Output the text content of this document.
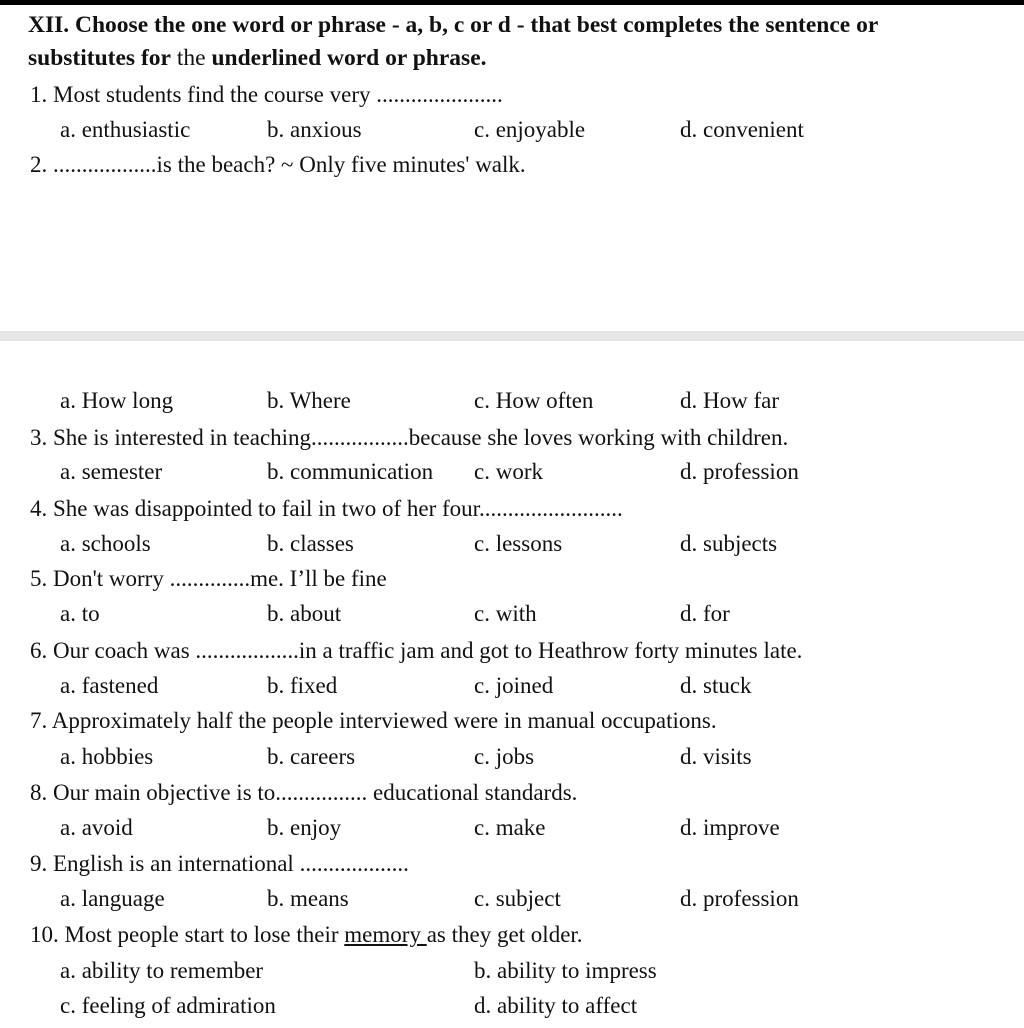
XII. Choose the one word or phrase - a, b, c or d - that best completes the sentence or
substitutes for the underlined word or phrase.
1. Most students find the course very ......................
a. enthusiastic	b. anxious	c. enjoyable	d. convenient
2. ..................is the beach? ~ Only five minutes' walk.
a. How long	b. Where	c. How often	d. How far
3. She is interested in teaching.................because she loves working with children.
a. semester	b. communication c. work	d. profession
4. She was disappointed to fail in two of her four.........................
a. schools	b. classes	c. lessons	d. subjects
5. Don't worry ..............me. I’ll be fine
a. to	b. about	c. with	d. for
6. Our coach was ..................in a traffic jam and got to Heathrow forty minutes late.
a. fastened	b. fixed	c. joined	d. stuck
7. Approximately half the people interviewed were in manual occupations.
a. hobbies	b. careers	c. jobs	d. visits
8. Our main objective is to................ educational standards.
a. avoid	b. enjoy	c. make	d. improve
9. English is an international ...................
a. language	b. means	c. subject	d. profession
10. Most people start to lose their memory as they get older.
a. ability to remember	b. ability to impress
c. feeling of admiration	d. ability to affect
